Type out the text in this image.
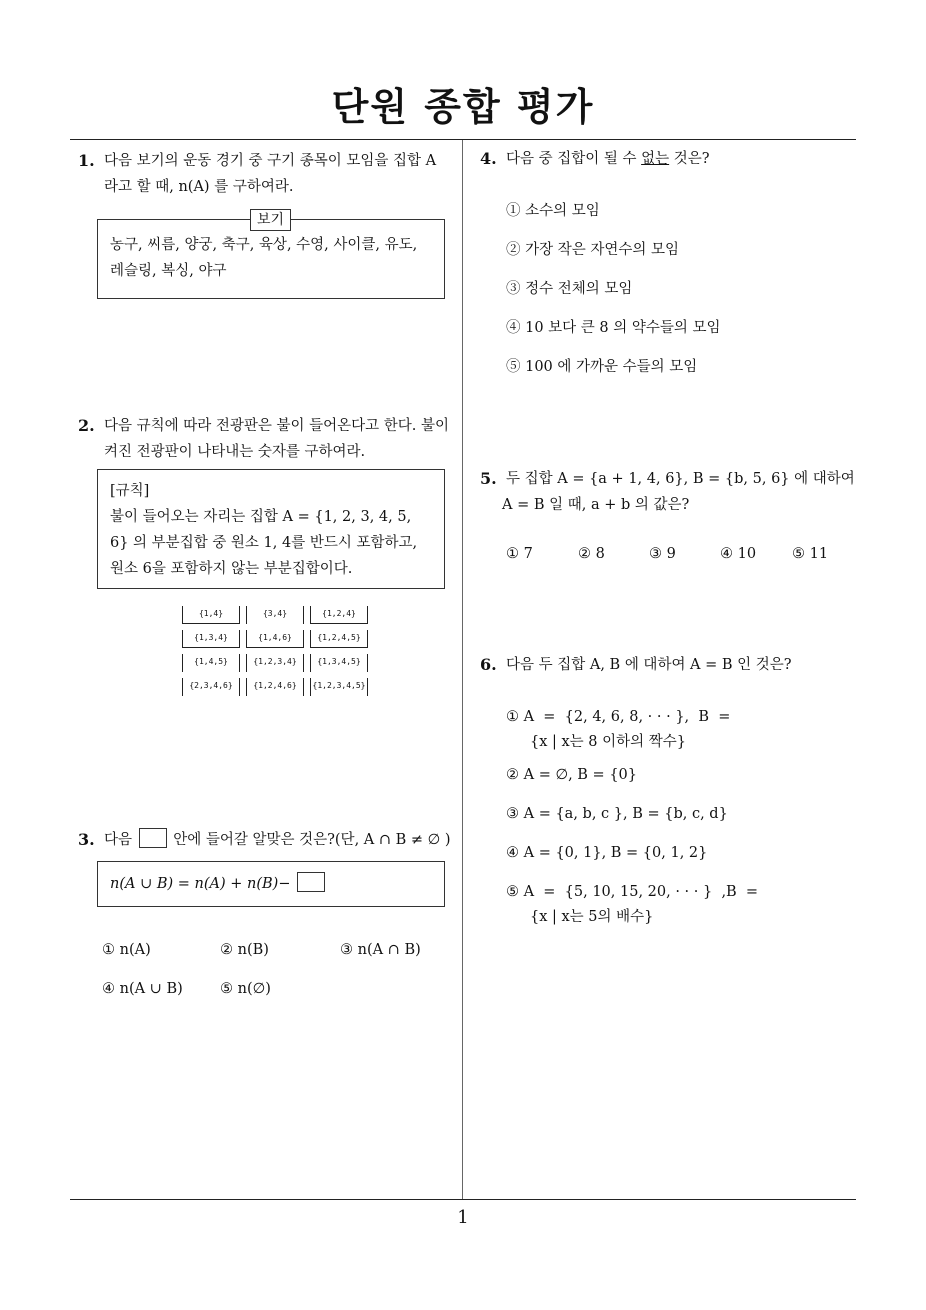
단원 종합 평가
1
1. 다음 보기의 운동 경기 중 구기 종목이 모임을 집합 A
라고 할 때, n(A) 를 구하여라.
보기
농구, 씨름, 양궁, 축구, 육상, 수영, 사이클, 유도,
레슬링, 복싱, 야구
2. 다음 규칙에 따라 전광판은 불이 들어온다고 한다. 불이
켜진 전광판이 나타내는 숫자를 구하여라.
[규칙]
불이 들어오는 자리는 집합 A = {1, 2, 3, 4, 5,
6} 의 부분집합 중 원소 1, 4를 반드시 포함하고,
원소 6을 포함하지 않는 부분집합이다.
{1,4}	{3,4}	{1,2,4}
{1,3,4}	{1,4,6}	{1,2,4,5}
{1,4,5}	{1,2,3,4}	{1,3,4,5}
{2,3,4,6}	{1,2,4,6}	{1,2,3,4,5}
3. 다음	안에 들어갈 알맞은 것은?(단, A ∩ B ≠ ∅ )
n(A ∪ B) = n(A) + n(B)−
① n(A)	② n(B)	③ n(A ∩ B)
④ n(A ∪ B)	⑤ n(∅)
4. 다음 중 집합이 될 수 없는 것은?
① 소수의 모임
② 가장 작은 자연수의 모임
③ 정수 전체의 모임
④ 10 보다 큰 8 의 약수들의 모임
⑤ 100 에 가까운 수들의 모임
5. 두 집합 A = {a + 1, 4, 6}, B = {b, 5, 6} 에 대하여
A = B 일 때, a + b 의 값은?
① 7	② 8	③ 9	④ 10 ⑤ 11
6. 다음 두 집합 A, B 에 대하여 A = B 인 것은?
① A  =  {2, 4, 6, 8, · · · },  B  =
{x | x는 8 이하의 짝수}
② A = ∅, B = {0}
③ A = {a, b, c }, B = {b, c, d}
④ A = {0, 1}, B = {0, 1, 2}
⑤ A  =  {5, 10, 15, 20, · · · }  ,B  =
{x | x는 5의 배수}
